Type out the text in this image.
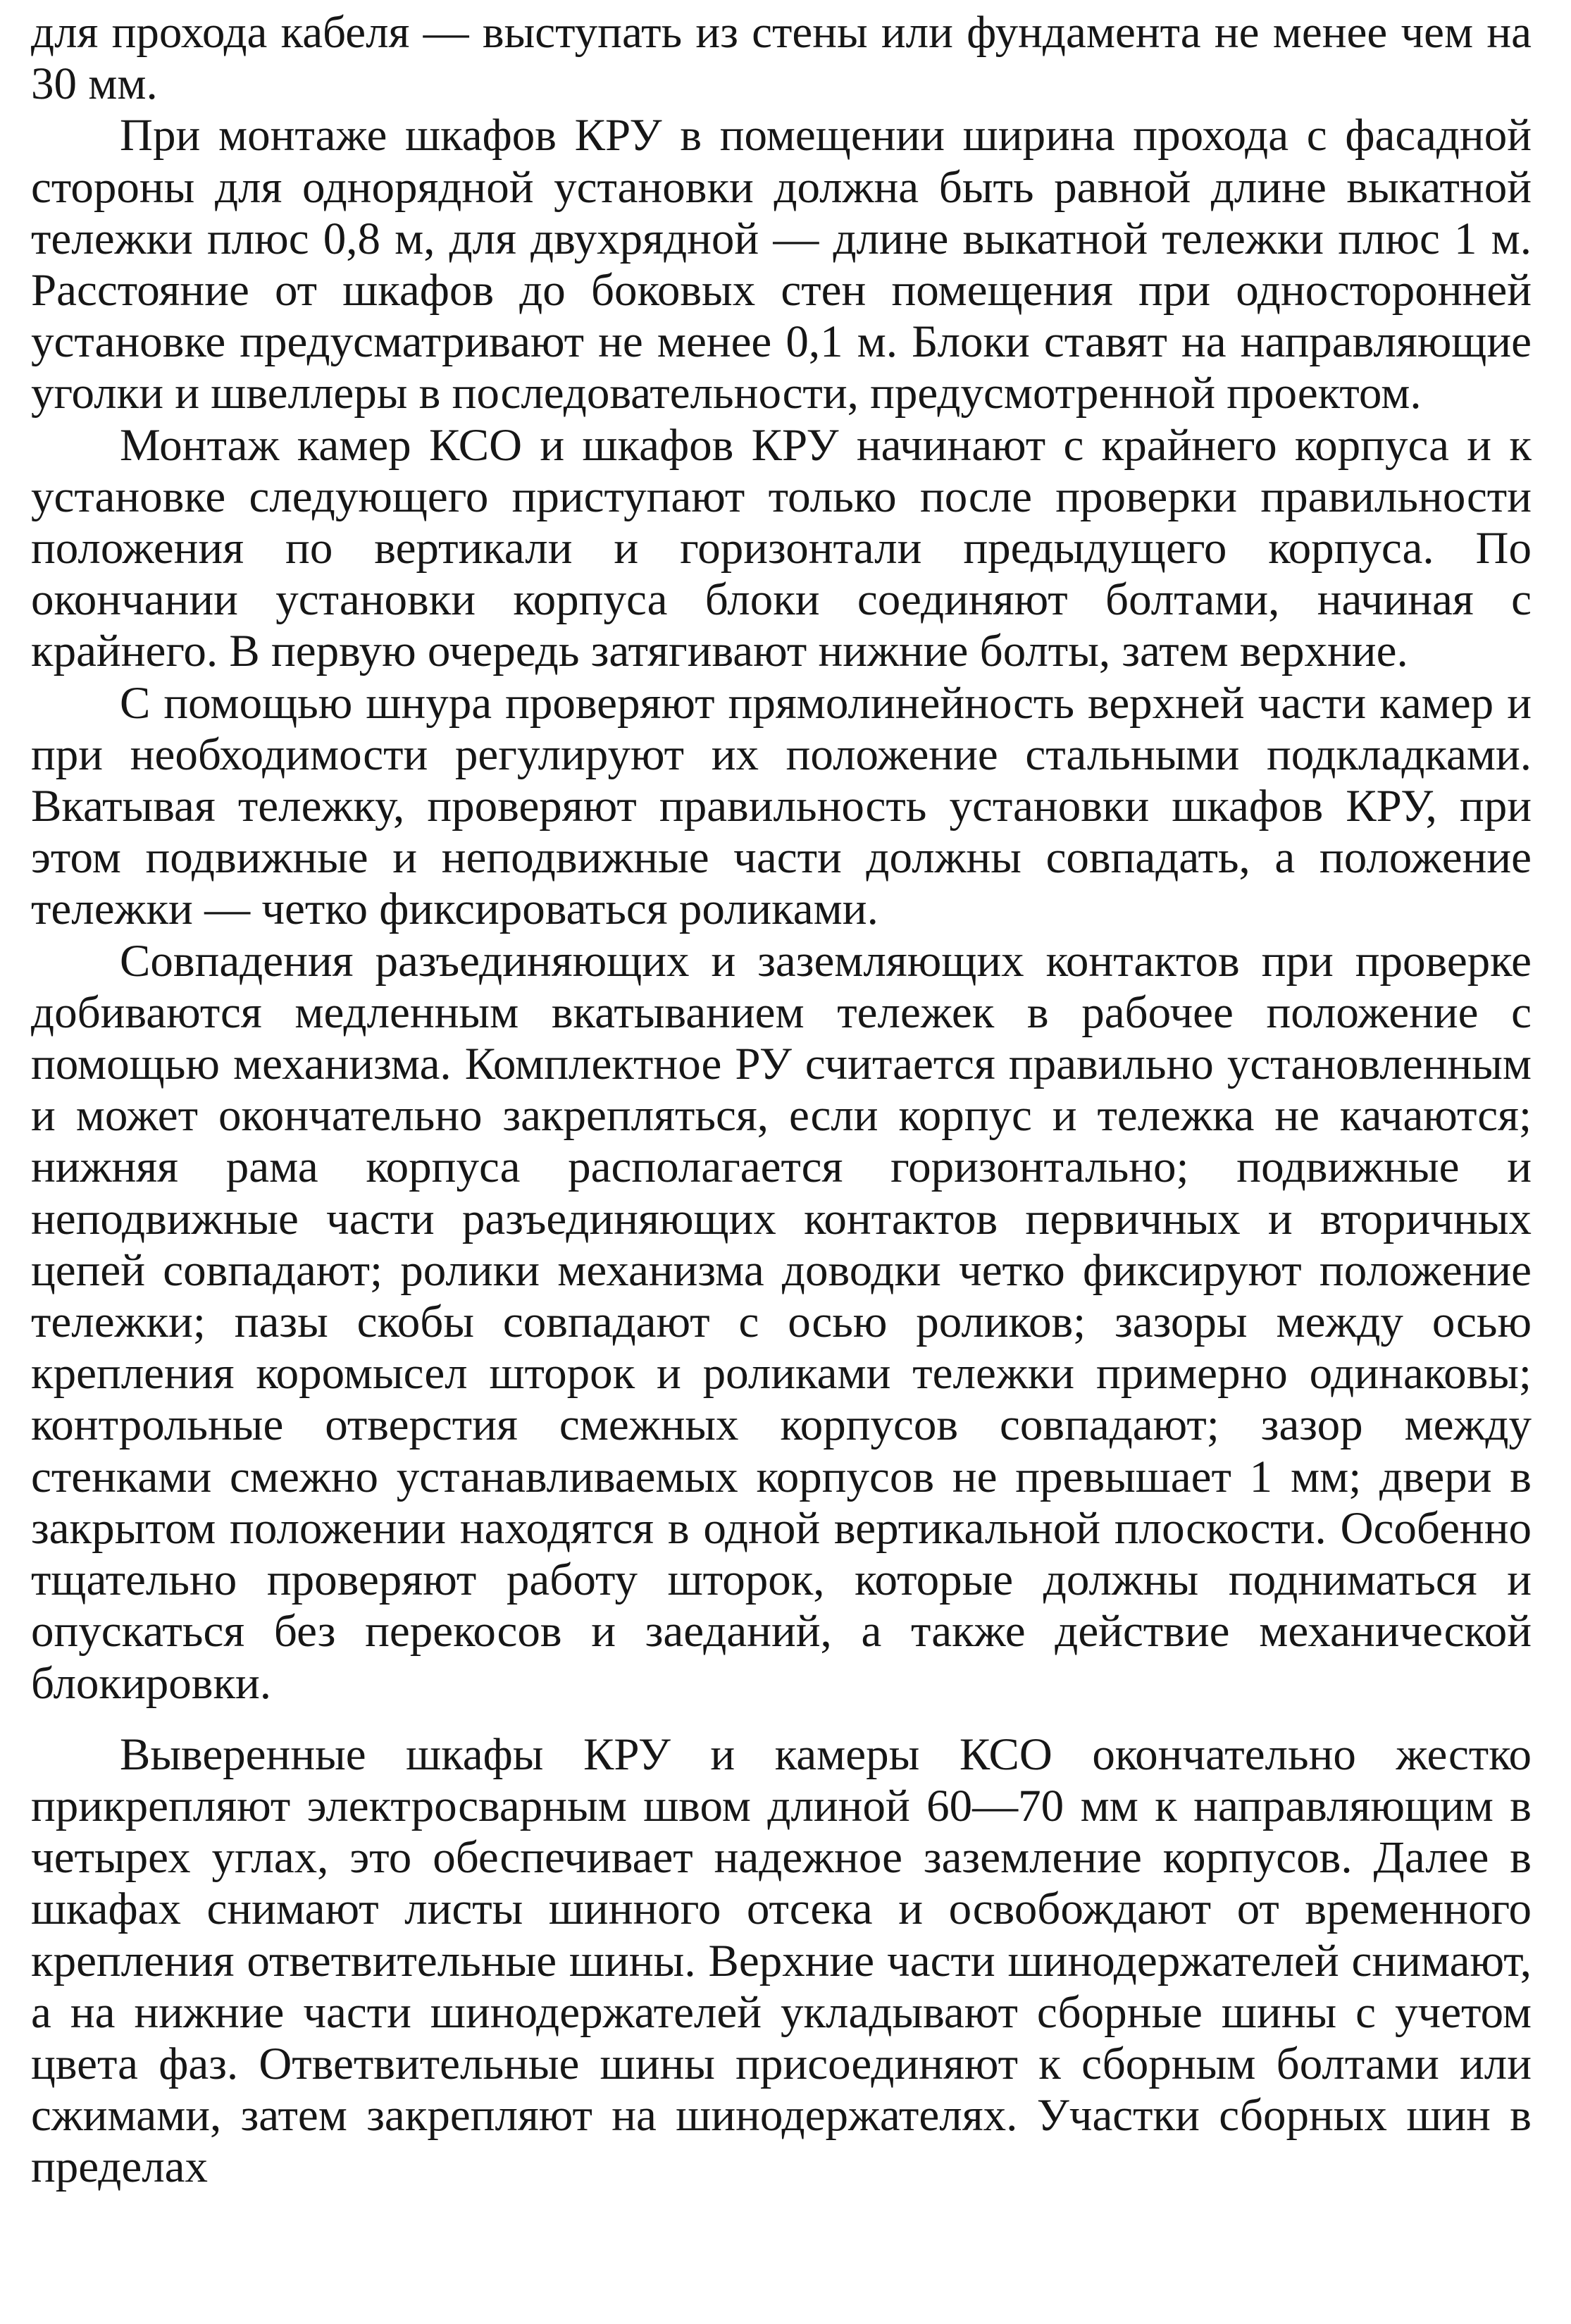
для прохода кабеля — выступать из стены или фундамента не менее чем на 30 мм.

При монтаже шкафов КРУ в помещении ширина прохода с фасадной стороны для однорядной установки должна быть равной длине выкатной тележки плюс 0,8 м, для двухрядной — длине выкатной тележки плюс 1 м. Расстояние от шкафов до боковых стен помещения при односторонней установке предусматривают не менее 0,1 м. Блоки ставят на направляющие уголки и швеллеры в последовательности, предусмотренной проектом.

Монтаж камер КСО и шкафов КРУ начинают с крайнего корпуса и к установке следующего приступают только после проверки правильности положения по вертикали и горизонтали предыдущего корпуса. По окончании установки корпуса блоки соединяют болтами, начиная с крайнего. В первую очередь затягивают нижние болты, затем верхние.

С помощью шнура проверяют прямолинейность верхней части камер и при необходимости регулируют их положение стальными подкладками. Вкатывая тележку, проверяют правильность установки шкафов КРУ, при этом подвижные и неподвижные части должны совпадать, а положение тележки — четко фиксироваться роликами.

Совпадения разъединяющих и заземляющих контактов при проверке добиваются медленным вкатыванием тележек в рабочее положение с помощью механизма. Комплектное РУ считается правильно установленным и может окончательно закрепляться, если корпус и тележка не качаются; нижняя рама корпуса располагается горизонтально; подвижные и неподвижные части разъединяющих контактов первичных и вторичных цепей совпадают; ролики механизма доводки четко фиксируют положение тележки; пазы скобы совпадают с осью роликов; зазоры между осью крепления коромысел шторок и роликами тележки примерно одинаковы; контрольные отверстия смежных корпусов совпадают; зазор между стенками смежно устанавливаемых корпусов не превышает 1 мм; двери в закрытом положении находятся в одной вертикальной плоскости. Особенно тщательно проверяют работу шторок, которые должны подниматься и опускаться без перекосов и заеданий, а также действие механической блокировки.

Выверенные шкафы КРУ и камеры КСО окончательно жестко прикрепляют электросварным швом длиной 60—70 мм к направляющим в четырех углах, это обеспечивает надежное заземление корпусов. Далее в шкафах снимают листы шинного отсека и освобождают от временного крепления ответвительные шины. Верхние части шинодержателей снимают, а на нижние части шинодержателей укладывают сборные шины с учетом цвета фаз. Ответвительные шины присоединяют к сборным болтами или сжимами, затем закрепляют на шинодержателях. Участки сборных шин в пределах
